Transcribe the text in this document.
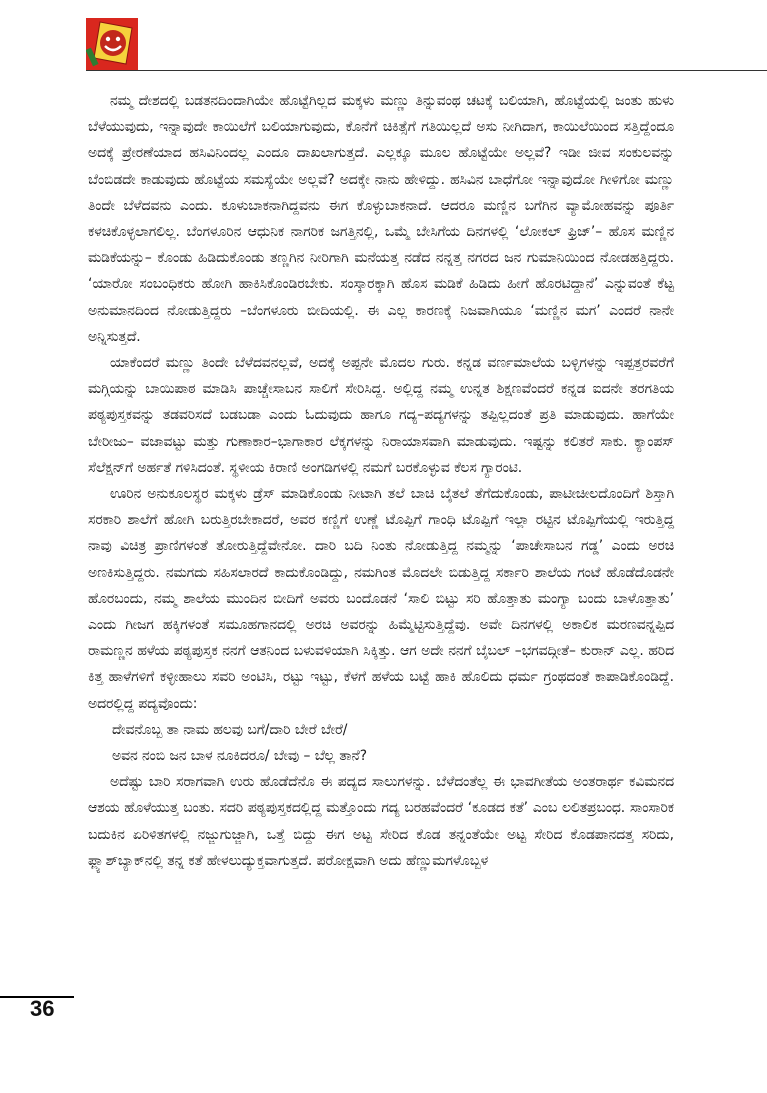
ನಮ್ಮ ದೇಶದಲ್ಲಿ ಬಡತನದಿಂದಾಗಿಯೇ ಹೊಟ್ಟೆಗಿಲ್ಲದ ಮಕ್ಕಳು ಮಣ್ಣು ತಿನ್ನುವಂಥ ಚಟಕ್ಕೆ ಬಲಿಯಾಗಿ, ಹೊಟ್ಟೆಯಲ್ಲಿ ಜಂತು ಹುಳು ಬೆಳೆಯುವುದು, ಇನ್ನಾವುದೇ ಕಾಯಿಲೆಗೆ ಬಲಿಯಾಗುವುದು, ಕೊನೆಗೆ ಚಿಕಿತ್ಸೆಗೆ ಗತಿಯಿಲ್ಲದೆ ಅಸು ನೀಗಿದಾಗ, ಕಾಯಿಲೆಯಿಂದ ಸತ್ತಿದ್ದೆಂದೂ ಅದಕ್ಕೆ ಪ್ರೇರಣೆಯಾದ ಹಸಿವಿನಿಂದಲ್ಲ ಎಂದೂ ದಾಖಲಾಗುತ್ತದೆ. ಎಲ್ಲಕ್ಕೂ ಮೂಲ ಹೊಟ್ಟೆಯೇ ಅಲ್ಲವೆ? ಇಡೀ ಜೀವ ಸಂಕುಲವನ್ನು ಬೆಂಬಿಡದೇ ಕಾಡುವುದು ಹೊಟ್ಟೆಯ ಸಮಸ್ಯೆಯೇ ಅಲ್ಲವೆ? ಅದಕ್ಕೇ ನಾನು ಹೇಳಿದ್ದು. ಹಸಿವಿನ ಬಾಧೆಗೋ ಇನ್ನಾವುದೋ ಗೀಳಿಗೋ ಮಣ್ಣು ತಿಂದೇ ಬೆಳೆದವನು ಎಂದು. ಕೂಳುಬಾಕನಾಗಿದ್ದವನು ಈಗ ಕೊಳ್ಳುಬಾಕನಾದೆ. ಆದರೂ ಮಣ್ಣಿನ ಬಗೆಗಿನ ವ್ಯಾಮೋಹವನ್ನು ಪೂರ್ತಿ ಕಳಚಿಕೊಳ್ಳಲಾಗಲಿಲ್ಲ. ಬೆಂಗಳೂರಿನ ಆಧುನಿಕ ನಾಗರಿಕ ಜಗತ್ತಿನಲ್ಲಿ, ಒಮ್ಮೆ ಬೇಸಿಗೆಯ ದಿನಗಳಲ್ಲಿ ‘ಲೋಕಲ್ ಫ್ರಿಜ್’– ಹೊಸ ಮಣ್ಣಿನ ಮಡಿಕೆಯನ್ನು– ಕೊಂಡು ಹಿಡಿದುಕೊಂಡು ತಣ್ಣಗಿನ ನೀರಿಗಾಗಿ ಮನೆಯತ್ತ ನಡೆದ ನನ್ನತ್ತ ನಗರದ ಜನ ಗುಮಾನಿಯಿಂದ ನೋಡಹತ್ತಿದ್ದರು. ‘ಯಾರೋ ಸಂಬಂಧಿಕರು ಹೋಗಿ ಹಾಕಿಸಿಕೊಂಡಿರಬೇಕು. ಸಂಸ್ಕಾರಕ್ಕಾಗಿ ಹೊಸ ಮಡಿಕೆ ಹಿಡಿದು ಹೀಗೆ ಹೊರಟಿದ್ದಾನೆ’ ಎನ್ನುವಂತೆ ಕೆಟ್ಟ ಅನುಮಾನದಿಂದ ನೋಡುತ್ತಿದ್ದರು –ಬೆಂಗಳೂರು ಬೀದಿಯಲ್ಲಿ. ಈ ಎಲ್ಲ ಕಾರಣಕ್ಕೆ ನಿಜವಾಗಿಯೂ ‘ಮಣ್ಣಿನ ಮಗ’ ಎಂದರೆ ನಾನೇ ಅನ್ನಿಸುತ್ತದೆ.

ಯಾಕೆಂದರೆ ಮಣ್ಣು ತಿಂದೇ ಬೆಳೆದವನಲ್ಲವೆ, ಅದಕ್ಕೆ ಅಪ್ಪನೇ ಮೊದಲ ಗುರು. ಕನ್ನಡ ವರ್ಣಮಾಲೆಯ ಬಳ್ಳಿಗಳನ್ನು ಇಪ್ಪತ್ತರವರೆಗೆ ಮಗ್ಗಿಯನ್ನು ಬಾಯಿಪಾಠ ಮಾಡಿಸಿ ಪಾಚ್ಚೇಸಾಬನ ಸಾಲಿಗೆ ಸೇರಿಸಿದ್ದ. ಅಲ್ಲಿದ್ದ ನಮ್ಮ ಉನ್ನತ ಶಿಕ್ಷಣವೆಂದರೆ ಕನ್ನಡ ಐದನೇ ತರಗತಿಯ ಪಠ್ಯಪುಸ್ತಕವನ್ನು ತಡವರಿಸದೆ ಬಡಬಡಾ ಎಂದು ಓದುವುದು ಹಾಗೂ ಗದ್ಯ–ಪದ್ಯಗಳನ್ನು ತಪ್ಪಿಲ್ಲದಂತೆ ಪ್ರತಿ ಮಾಡುವುದು. ಹಾಗೆಯೇ ಬೇರೀಜು– ವಜಾವಟ್ಟು ಮತ್ತು ಗುಣಾಕಾರ–ಭಾಗಾಕಾರ ಲೆಕ್ಕಗಳನ್ನು ನಿರಾಯಾಸವಾಗಿ ಮಾಡುವುದು. ಇಷ್ಟನ್ನು ಕಲಿತರೆ ಸಾಕು. ಕ್ಯಾಂಪಸ್ ಸೆಲೆಕ್ಷನ್‌ಗೆ ಅರ್ಹತೆ ಗಳಿಸಿದಂತೆ. ಸ್ಥಳೀಯ ಕಿರಾಣಿ ಅಂಗಡಿಗಳಲ್ಲಿ ನಮಗೆ ಬರಕೊಳ್ಳುವ ಕೆಲಸ ಗ್ಯಾರಂಟಿ.

ಊರಿನ ಅನುಕೂಲಸ್ಥರ ಮಕ್ಕಳು ಡ್ರೆಸ್ ಮಾಡಿಕೊಂಡು ನೀಟಾಗಿ ತಲೆ ಬಾಚಿ ಬೈತಲೆ ತೆಗೆದುಕೊಂಡು, ಪಾಟೀಚೀಲದೊಂದಿಗೆ ಶಿಸ್ತಾಗಿ ಸರಕಾರಿ ಶಾಲೆಗೆ ಹೋಗಿ ಬರುತ್ತಿರಬೇಕಾದರೆ, ಅವರ ಕಣ್ಣಿಗೆ ಉಣ್ಣೆ ಟೊಪ್ಪಿಗೆ ಗಾಂಧಿ ಟೊಪ್ಪಿಗೆ ಇಲ್ಲಾ ರಟ್ಟಿನ ಟೊಪ್ಪಿಗೆಯಲ್ಲಿ ಇರುತ್ತಿದ್ದ ನಾವು ವಿಚಿತ್ರ ಪ್ರಾಣಿಗಳಂತೆ ತೋರುತ್ತಿದ್ದೆವೇನೋ. ದಾರಿ ಬದಿ ನಿಂತು ನೋಡುತ್ತಿದ್ದ ನಮ್ಮನ್ನು ‘ಪಾಚೇಸಾಬನ ಗಡ್ಡ’ ಎಂದು ಅರಚಿ ಅಣಕಿಸುತ್ತಿದ್ದರು. ನಮಗದು ಸಹಿಸಲಾರದೆ ಕಾದುಕೊಂಡಿದ್ದು, ನಮಗಿಂತ ಮೊದಲೇ ಬಿಡುತ್ತಿದ್ದ ಸರ್ಕಾರಿ ಶಾಲೆಯ ಗಂಟೆ ಹೊಡೆದೊಡನೇ ಹೊರಬಂದು, ನಮ್ಮ ಶಾಲೆಯ ಮುಂದಿನ ಬೀದಿಗೆ ಅವರು ಬಂದೊಡನೆ ‘ಸಾಲಿ ಬಿಟ್ಟು ಸರಿ ಹೊತ್ತಾತು ಮಂಗ್ಯಾ ಬಂದು ಬಾಳೊತ್ತಾತು’ ಎಂದು ಗೀಜಗ ಹಕ್ಕಿಗಳಂತೆ ಸಮೂಹಗಾನದಲ್ಲಿ ಅರಚಿ ಅವರನ್ನು ಹಿಮ್ಮೆಟ್ಟಿಸುತ್ತಿದ್ದೆವು. ಅವೇ ದಿನಗಳಲ್ಲಿ ಅಕಾಲಿಕ ಮರಣವನ್ನಪ್ಪಿದ ರಾಮಣ್ಣನ ಹಳೆಯ ಪಠ್ಯಪುಸ್ತಕ ನನಗೆ ಆತನಿಂದ ಬಳುವಳಿಯಾಗಿ ಸಿಕ್ಕಿತ್ತು. ಆಗ ಅದೇ ನನಗೆ ಬೈಬಲ್ –ಭಗವದ್ಗೀತೆ– ಕುರಾನ್ ಎಲ್ಲ. ಹರಿದ ಕಿತ್ತ ಹಾಳೆಗಳಿಗೆ ಕಳ್ಳೀಹಾಲು ಸವರಿ ಅಂಟಿಸಿ, ರಟ್ಟು ಇಟ್ಟು, ಕೆಳಗೆ ಹಳೆಯ ಬಟ್ಟೆ ಹಾಕಿ ಹೊಲಿದು ಧರ್ಮ ಗ್ರಂಥದಂತೆ ಕಾಪಾಡಿಕೊಂಡಿದ್ದೆ. ಅದರಲ್ಲಿದ್ದ ಪದ್ಯವೊಂದು:

ದೇವನೊಬ್ಬ ತಾ ನಾಮ ಹಲವು ಬಗೆ/ದಾರಿ ಬೇರೆ ಬೇರೆ/

ಅವನ ನಂಬಿ ಜನ ಬಾಳ ನೂಕಿದರೂ/ ಬೇವು – ಬೆಲ್ಲ ತಾನೆ?

ಅದೆಷ್ಟು ಬಾರಿ ಸರಾಗವಾಗಿ ಉರು ಹೊಡೆದೆನೊ ಈ ಪದ್ಯದ ಸಾಲುಗಳನ್ನು. ಬೆಳೆದಂತೆಲ್ಲ ಈ ಭಾವಗೀತೆಯ ಅಂತರಾರ್ಥ ಕವಿಮನದ ಆಶಯ ಹೊಳೆಯುತ್ತ ಬಂತು. ಸದರಿ ಪಠ್ಯಪುಸ್ತಕದಲ್ಲಿದ್ದ ಮತ್ತೊಂದು ಗದ್ಯ ಬರಹವೆಂದರೆ ‘ಕೂಡದ ಕತೆ’ ಎಂಬ ಲಲಿತಪ್ರಬಂಧ. ಸಾಂಸಾರಿಕ ಬದುಕಿನ ಏರಿಳಿತಗಳಲ್ಲಿ ನಜ್ಜುಗುಜ್ಜಾಗಿ, ಒತ್ತೆ ಬಿದ್ದು ಈಗ ಅಟ್ಟ ಸೇರಿದ ಕೊಡ ತನ್ನಂತೆಯೇ ಅಟ್ಟ ಸೇರಿದ ಕೊಡಪಾನದತ್ತ ಸರಿದು, ಫ್ಲ್ಯಾಶ್‌ಬ್ಯಾಕ್‌ನಲ್ಲಿ ತನ್ನ ಕತೆ ಹೇಳಲುದ್ಯುಕ್ತವಾಗುತ್ತದೆ. ಪರೋಕ್ಷವಾಗಿ ಅದು ಹೆಣ್ಣುಮಗಳೊಬ್ಬಳ

36
